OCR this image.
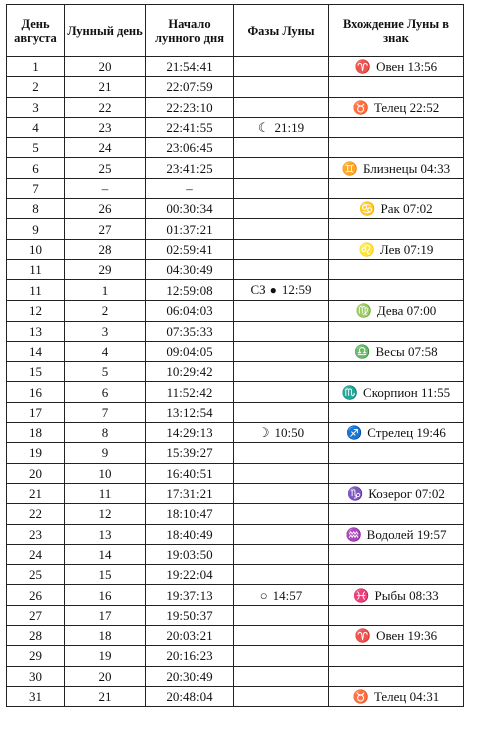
День августа	Лунный день	Начало лунного дня	Фазы Луны	Вхождение Луны в знак
1	20	21:54:41		♈ Овен 13:56
2	21	22:07:59		
3	22	22:23:10		♉ Телец 22:52
4	23	22:41:55	☾ 21:19	
5	24	23:06:45		
6	25	23:41:25		♊ Близнецы 04:33
7	–	–		
8	26	00:30:34		♋ Рак 07:02
9	27	01:37:21		
10	28	02:59:41		♌ Лев 07:19
11	29	04:30:49		
11	1	12:59:08	СЗ ● 12:59	
12	2	06:04:03		♍ Дева 07:00
13	3	07:35:33		
14	4	09:04:05		♎ Весы 07:58
15	5	10:29:42		
16	6	11:52:42		♏ Скорпион 11:55
17	7	13:12:54		
18	8	14:29:13	☽ 10:50	♐ Стрелец 19:46
19	9	15:39:27		
20	10	16:40:51		
21	11	17:31:21		♑ Козерог 07:02
22	12	18:10:47		
23	13	18:40:49		♒ Водолей 19:57
24	14	19:03:50		
25	15	19:22:04		
26	16	19:37:13	○ 14:57	♓ Рыбы 08:33
27	17	19:50:37		
28	18	20:03:21		♈ Овен 19:36
29	19	20:16:23		
30	20	20:30:49		
31	21	20:48:04		♉ Телец 04:31
